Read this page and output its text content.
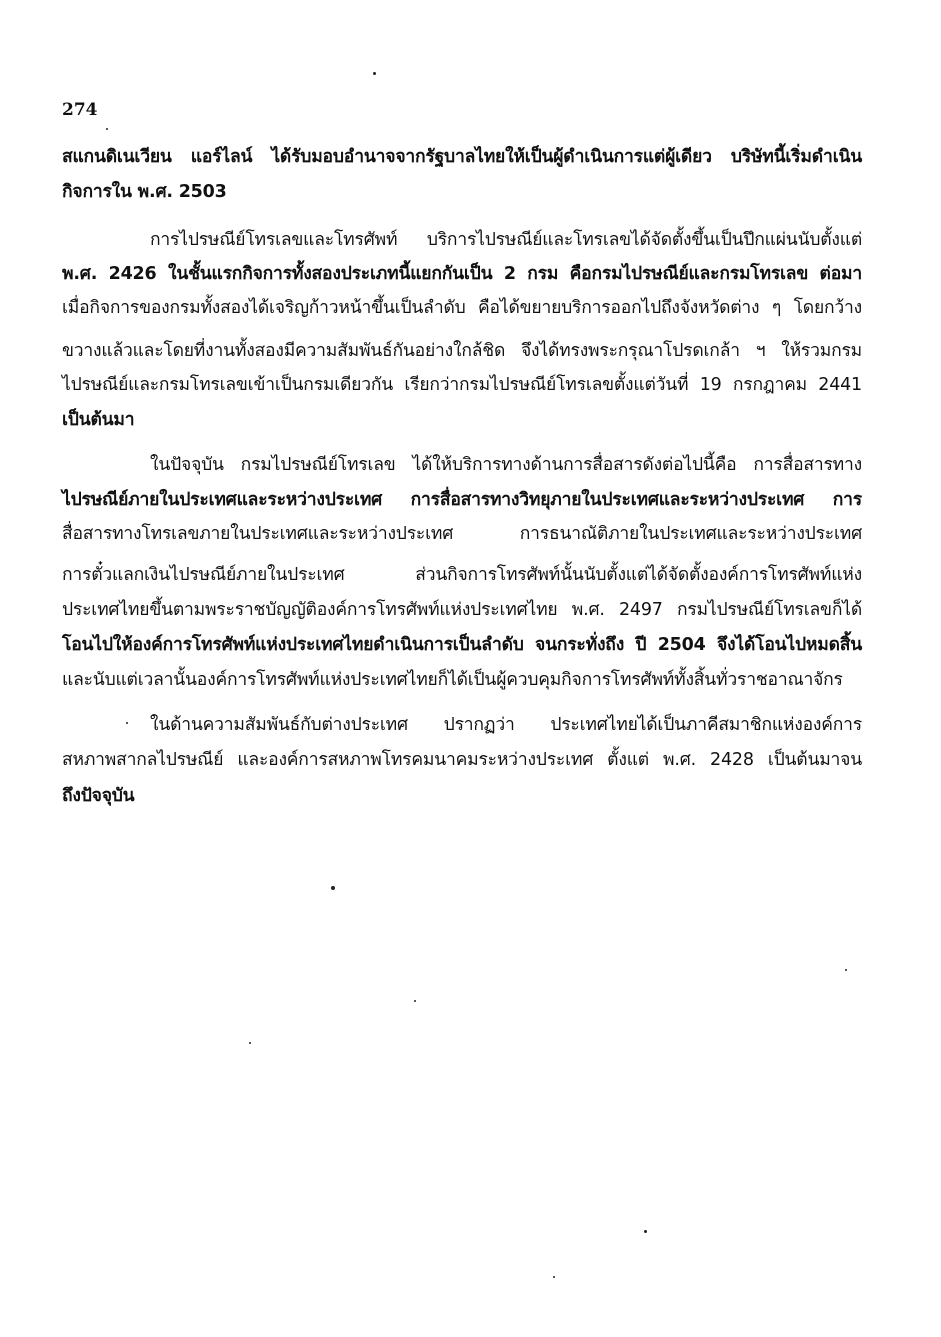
274
สแกนดิเนเวียน แอร์ไลน์ ได้รับมอบอำนาจจากรัฐบาลไทยให้เป็นผู้ดำเนินการแต่ผู้เดียว บริษัทนี้เริ่มดำเนิน
กิจการใน พ.ศ. 2503
การไปรษณีย์โทรเลขและโทรศัพท์ บริการไปรษณีย์และโทรเลขได้จัดตั้งขึ้นเป็นปึกแผ่นนับตั้งแต่
พ.ศ. 2426 ในชั้นแรกกิจการทั้งสองประเภทนี้แยกกันเป็น 2 กรม คือกรมไปรษณีย์และกรมโทรเลข ต่อมา
เมื่อกิจการของกรมทั้งสองได้เจริญก้าวหน้าขึ้นเป็นลำดับ คือได้ขยายบริการออกไปถึงจังหวัดต่าง ๆ โดยกว้าง
ขวางแล้วและโดยที่งานทั้งสองมีความสัมพันธ์กันอย่างใกล้ชิด จึงได้ทรงพระกรุณาโปรดเกล้า ฯ ให้รวมกรม
ไปรษณีย์และกรมโทรเลขเข้าเป็นกรมเดียวกัน เรียกว่ากรมไปรษณีย์โทรเลขตั้งแต่วันที่ 19 กรกฎาคม 2441
เป็นต้นมา
ในปัจจุบัน กรมไปรษณีย์โทรเลข ได้ให้บริการทางด้านการสื่อสารดังต่อไปนี้คือ การสื่อสารทาง
ไปรษณีย์ภายในประเทศและระหว่างประเทศ การสื่อสารทางวิทยุภายในประเทศและระหว่างประเทศ การ
สื่อสารทางโทรเลขภายในประเทศและระหว่างประเทศ การธนาณัติภายในประเทศและระหว่างประเทศ
การตั๋วแลกเงินไปรษณีย์ภายในประเทศ ส่วนกิจการโทรศัพท์นั้นนับตั้งแต่ได้จัดตั้งองค์การโทรศัพท์แห่ง
ประเทศไทยขึ้นตามพระราชบัญญัติองค์การโทรศัพท์แห่งประเทศไทย พ.ศ. 2497 กรมไปรษณีย์โทรเลขก็ได้
โอนไปให้องค์การโทรศัพท์แห่งประเทศไทยดำเนินการเป็นลำดับ จนกระทั่งถึง ปี 2504 จึงได้โอนไปหมดสิ้น
และนับแต่เวลานั้นองค์การโทรศัพท์แห่งประเทศไทยก็ได้เป็นผู้ควบคุมกิจการโทรศัพท์ทั้งสิ้นทั่วราชอาณาจักร
ในด้านความสัมพันธ์กับต่างประเทศ ปรากฏว่า ประเทศไทยได้เป็นภาคีสมาชิกแห่งองค์การ
สหภาพสากลไปรษณีย์ และองค์การสหภาพโทรคมนาคมระหว่างประเทศ ตั้งแต่ พ.ศ. 2428 เป็นต้นมาจน
ถึงปัจจุบัน
